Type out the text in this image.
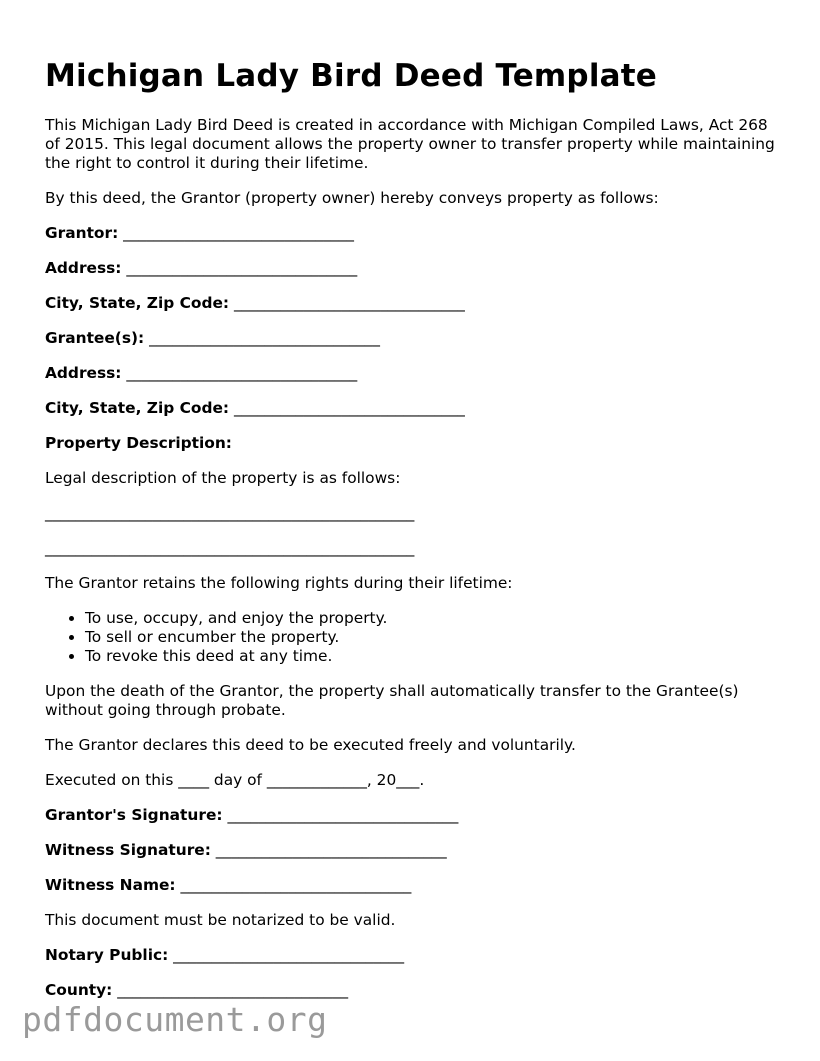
Michigan Lady Bird Deed Template

This Michigan Lady Bird Deed is created in accordance with Michigan Compiled Laws, Act 268 of 2015. This legal document allows the property owner to transfer property while maintaining the right to control it during their lifetime.

By this deed, the Grantor (property owner) hereby conveys property as follows:

Grantor: ______________________________
Address: ______________________________
City, State, Zip Code: ______________________________
Grantee(s): ______________________________
Address: ______________________________
City, State, Zip Code: ______________________________

Property Description:

Legal description of the property is as follows:

________________________________________________
________________________________________________

The Grantor retains the following rights during their lifetime:

• To use, occupy, and enjoy the property.
• To sell or encumber the property.
• To revoke this deed at any time.

Upon the death of the Grantor, the property shall automatically transfer to the Grantee(s) without going through probate.

The Grantor declares this deed to be executed freely and voluntarily.

Executed on this ____ day of _____________, 20___.

Grantor's Signature: ______________________________
Witness Signature: ______________________________
Witness Name: ______________________________

This document must be notarized to be valid.

Notary Public: ______________________________
County: ______________________________
pdfdocument.org
